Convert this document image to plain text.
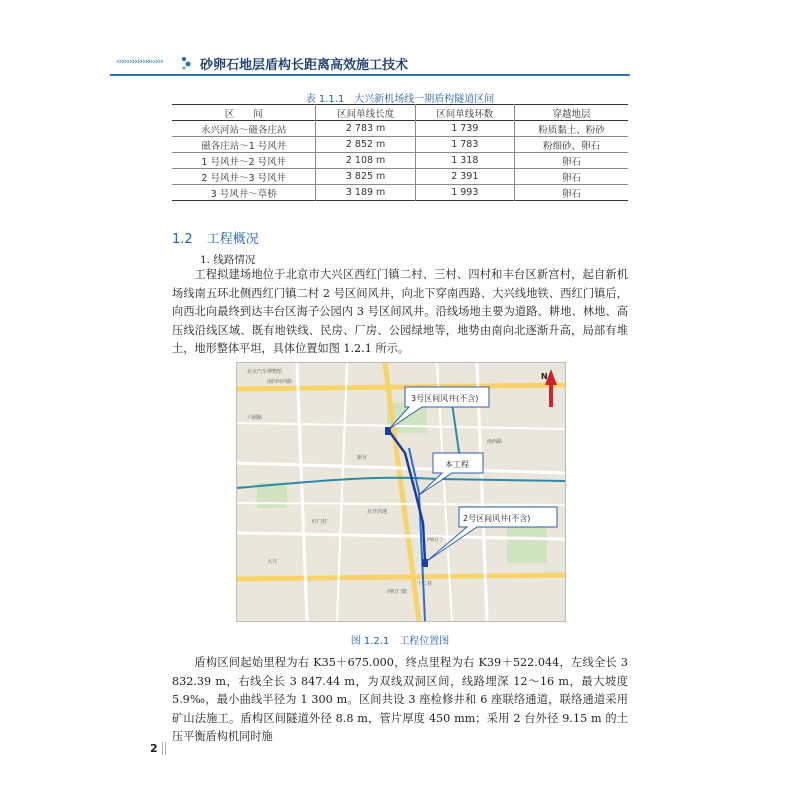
››››››››››››››››››	砂卵石地层盾构长距离高效施工技术
表 1.1.1　大兴新机场线一期盾构隧道区间
区　　间	区间单线长度	区间单线环数	穿越地层
永兴河站～磁各庄站	2 783 m	1 739	粉质黏土、粉砂
磁各庄站～1 号风井	2 852 m	1 783	粉细砂、卵石
1 号风井～2 号风井	2 108 m	1 318	卵石
2 号风井～3 号风井	3 825 m	2 391	卵石
3 号风井～草桥	3 189 m	1 993	卵石
1.2 工程概况
1. 线路情况

工程拟建场地位于北京市大兴区西红门镇二村、三村、四村和丰台区新宫村，起自新机场线南五环北侧西红门镇二村 2 号区间风井，向北下穿南西路、大兴线地铁、西红门镇后，向西北向最终到达丰台区海子公园内 3 号区间风井。沿线场地主要为道路、耕地、林地、高压线沿线区域、既有地铁线、民房、厂房、公园绿地等，地势由南向北逐渐升高，局部有堆土，地形整体平坦，具体位置如图 1.2.1 所示。

3号区间风井(不含)
本工程
2号区间风井(不含)
N
新宫
西红门
西红门镇
十二村
大兴
南四环西路
六圈路
南西路
京开高速
红门村
北京汽车博物馆
图 1.2.1　工程位置图

盾构区间起始里程为右 K35＋675.000，终点里程为右 K39＋522.044，左线全长 3 832.39 m，右线全长 3 847.44 m，为双线双洞区间，线路埋深 12～16 m，最大坡度 5.9‰，最小曲线半径为 1 300 m。区间共设 3 座检修井和 6 座联络通道，联络通道采用矿山法施工。盾构区间隧道外径 8.8 m，管片厚度 450 mm；采用 2 台外径 9.15 m 的土压平衡盾构机同时施

2
